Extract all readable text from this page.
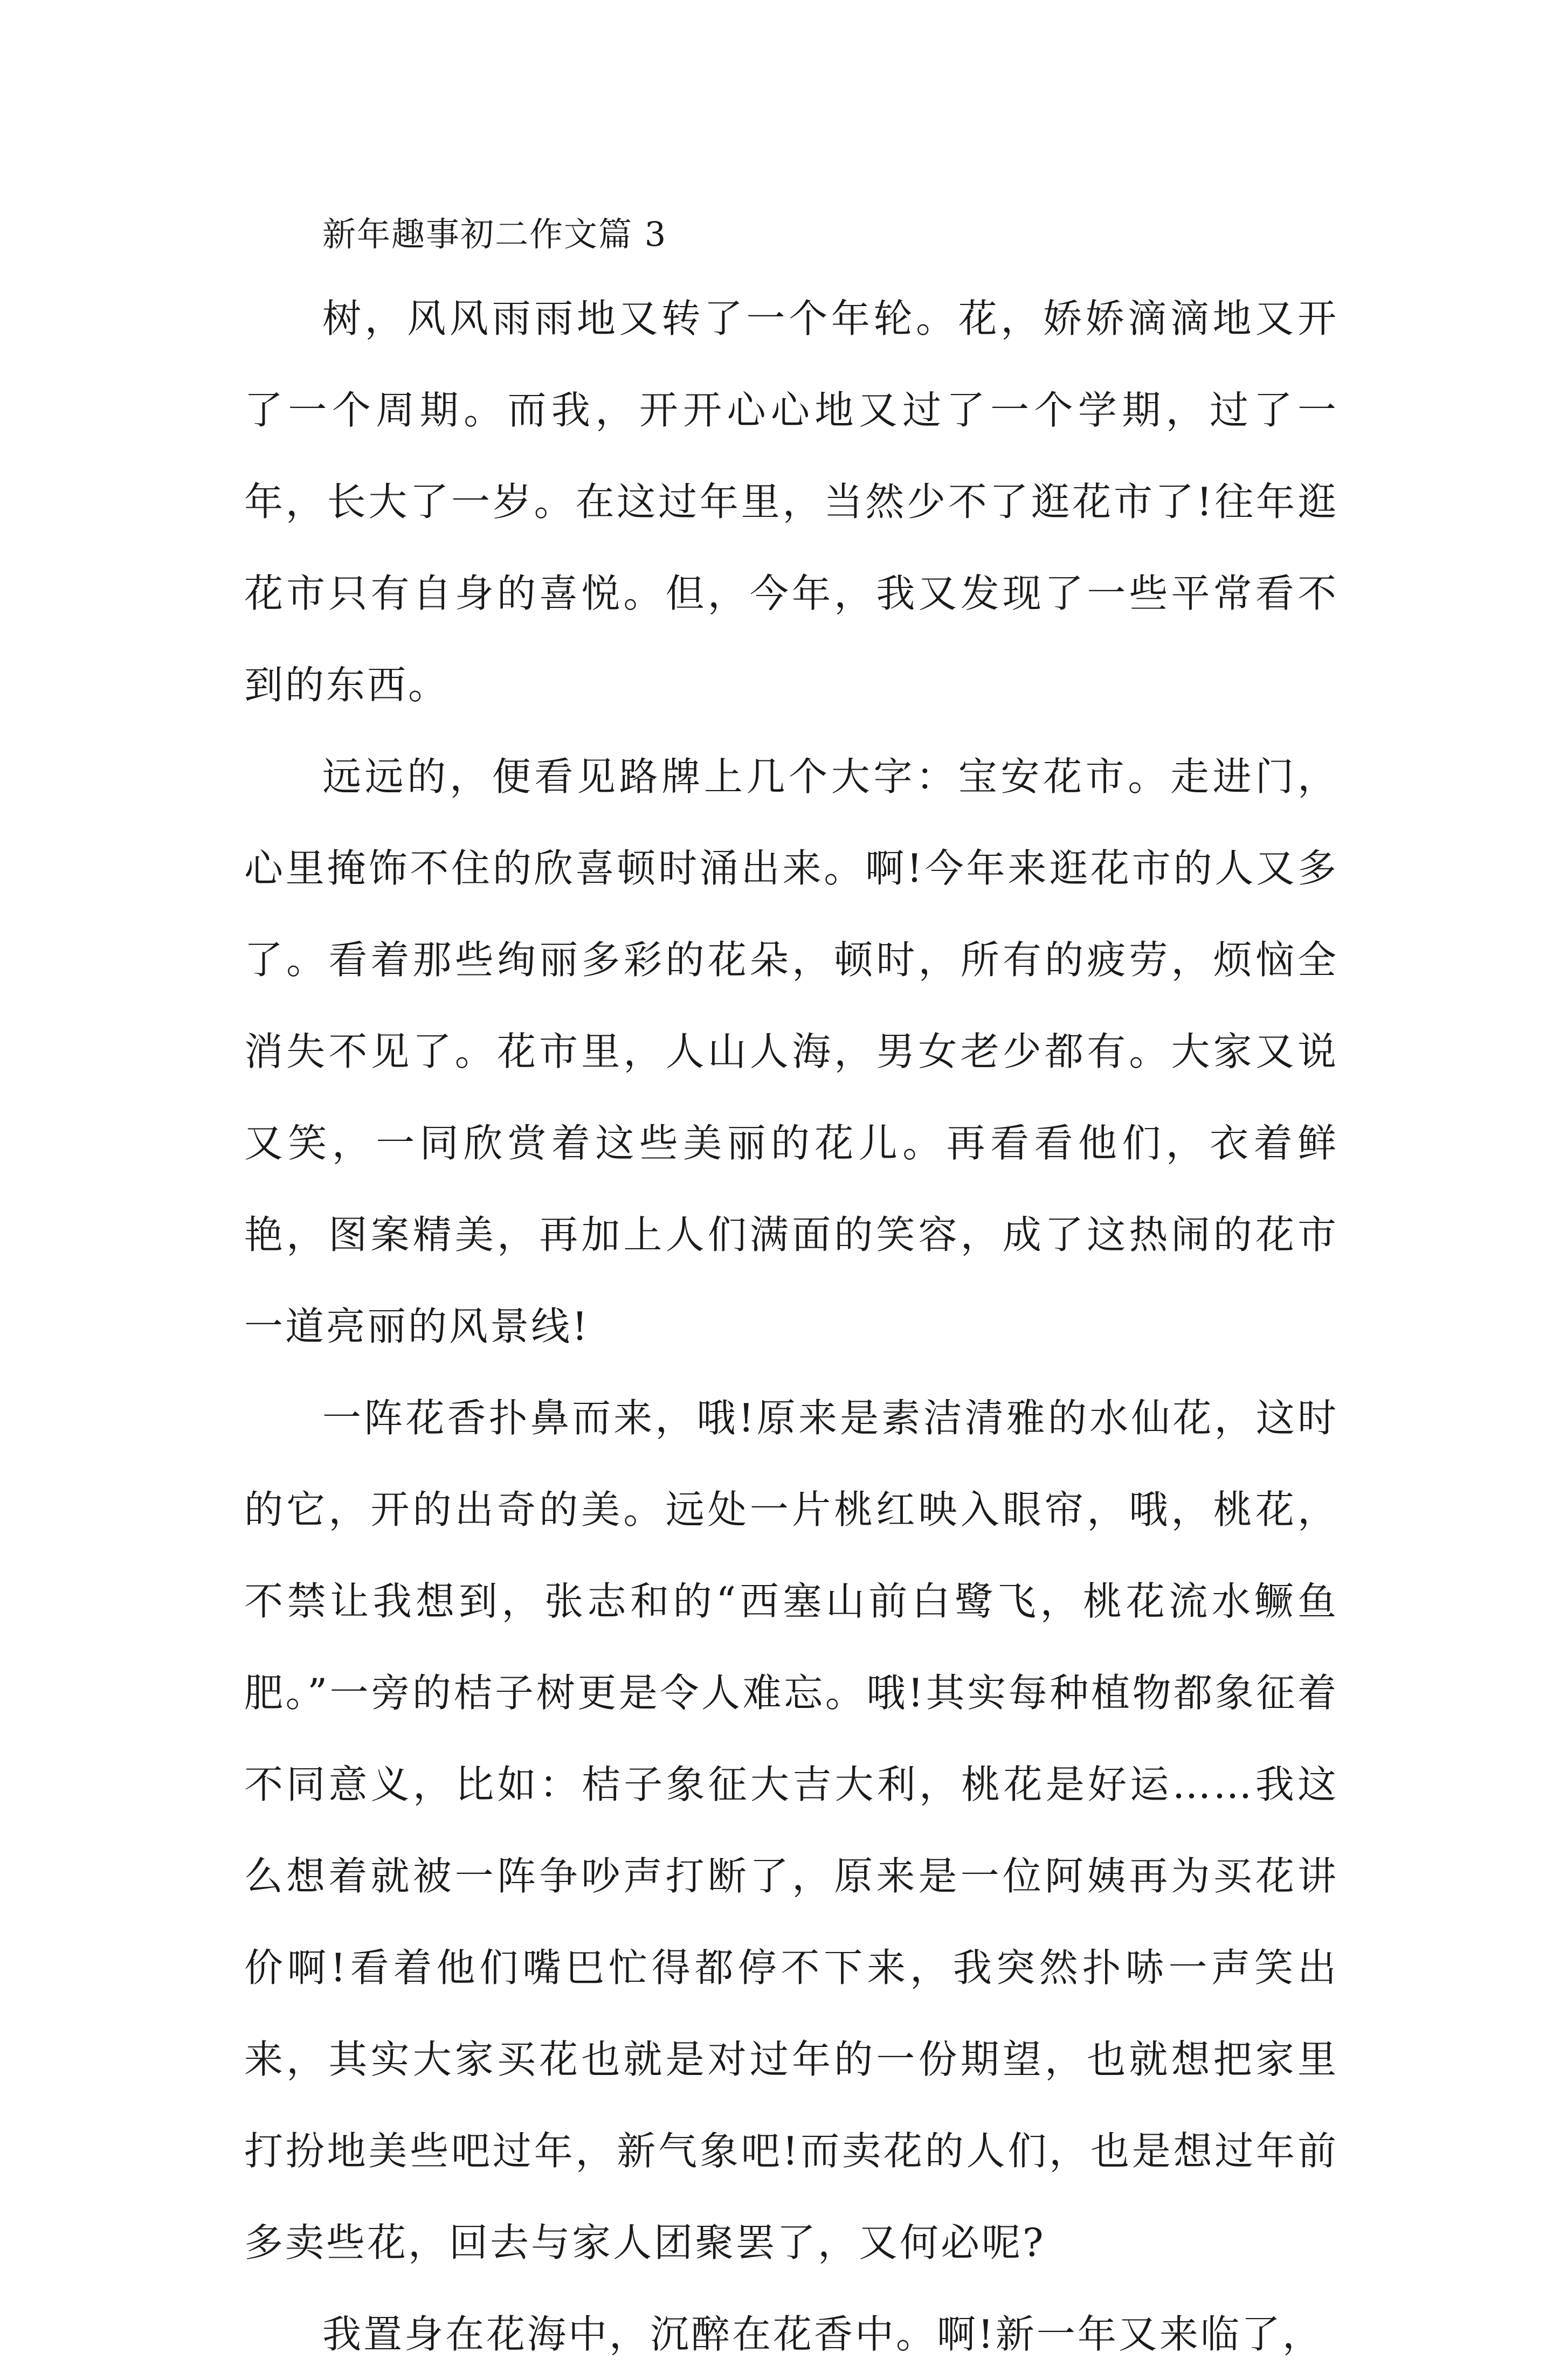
新年趣事初二作文篇 3

树，风风雨雨地又转了一个年轮。花，娇娇滴滴地又开了一个周期。而我，开开心心地又过了一个学期，过了一年，长大了一岁。在这过年里，当然少不了逛花市了!往年逛花市只有自身的喜悦。但，今年，我又发现了一些平常看不到的东西。

远远的，便看见路牌上几个大字：宝安花市。走进门，心里掩饰不住的欣喜顿时涌出来。啊!今年来逛花市的人又多了。看着那些绚丽多彩的花朵，顿时，所有的疲劳，烦恼全消失不见了。花市里，人山人海，男女老少都有。大家又说又笑，一同欣赏着这些美丽的花儿。再看看他们，衣着鲜艳，图案精美，再加上人们满面的笑容，成了这热闹的花市一道亮丽的风景线!

一阵花香扑鼻而来，哦!原来是素洁清雅的水仙花，这时的它，开的出奇的美。远处一片桃红映入眼帘，哦，桃花，不禁让我想到，张志和的“西塞山前白鹭飞，桃花流水鳜鱼肥。”一旁的桔子树更是令人难忘。哦!其实每种植物都象征着不同意义，比如：桔子象征大吉大利，桃花是好运……我这么想着就被一阵争吵声打断了，原来是一位阿姨再为买花讲价啊!看着他们嘴巴忙得都停不下来，我突然扑哧一声笑出来，其实大家买花也就是对过年的一份期望，也就想把家里打扮地美些吧过年，新气象吧!而卖花的人们，也是想过年前多卖些花，回去与家人团聚罢了，又何必呢?

我置身在花海中，沉醉在花香中。啊!新一年又来临了，
